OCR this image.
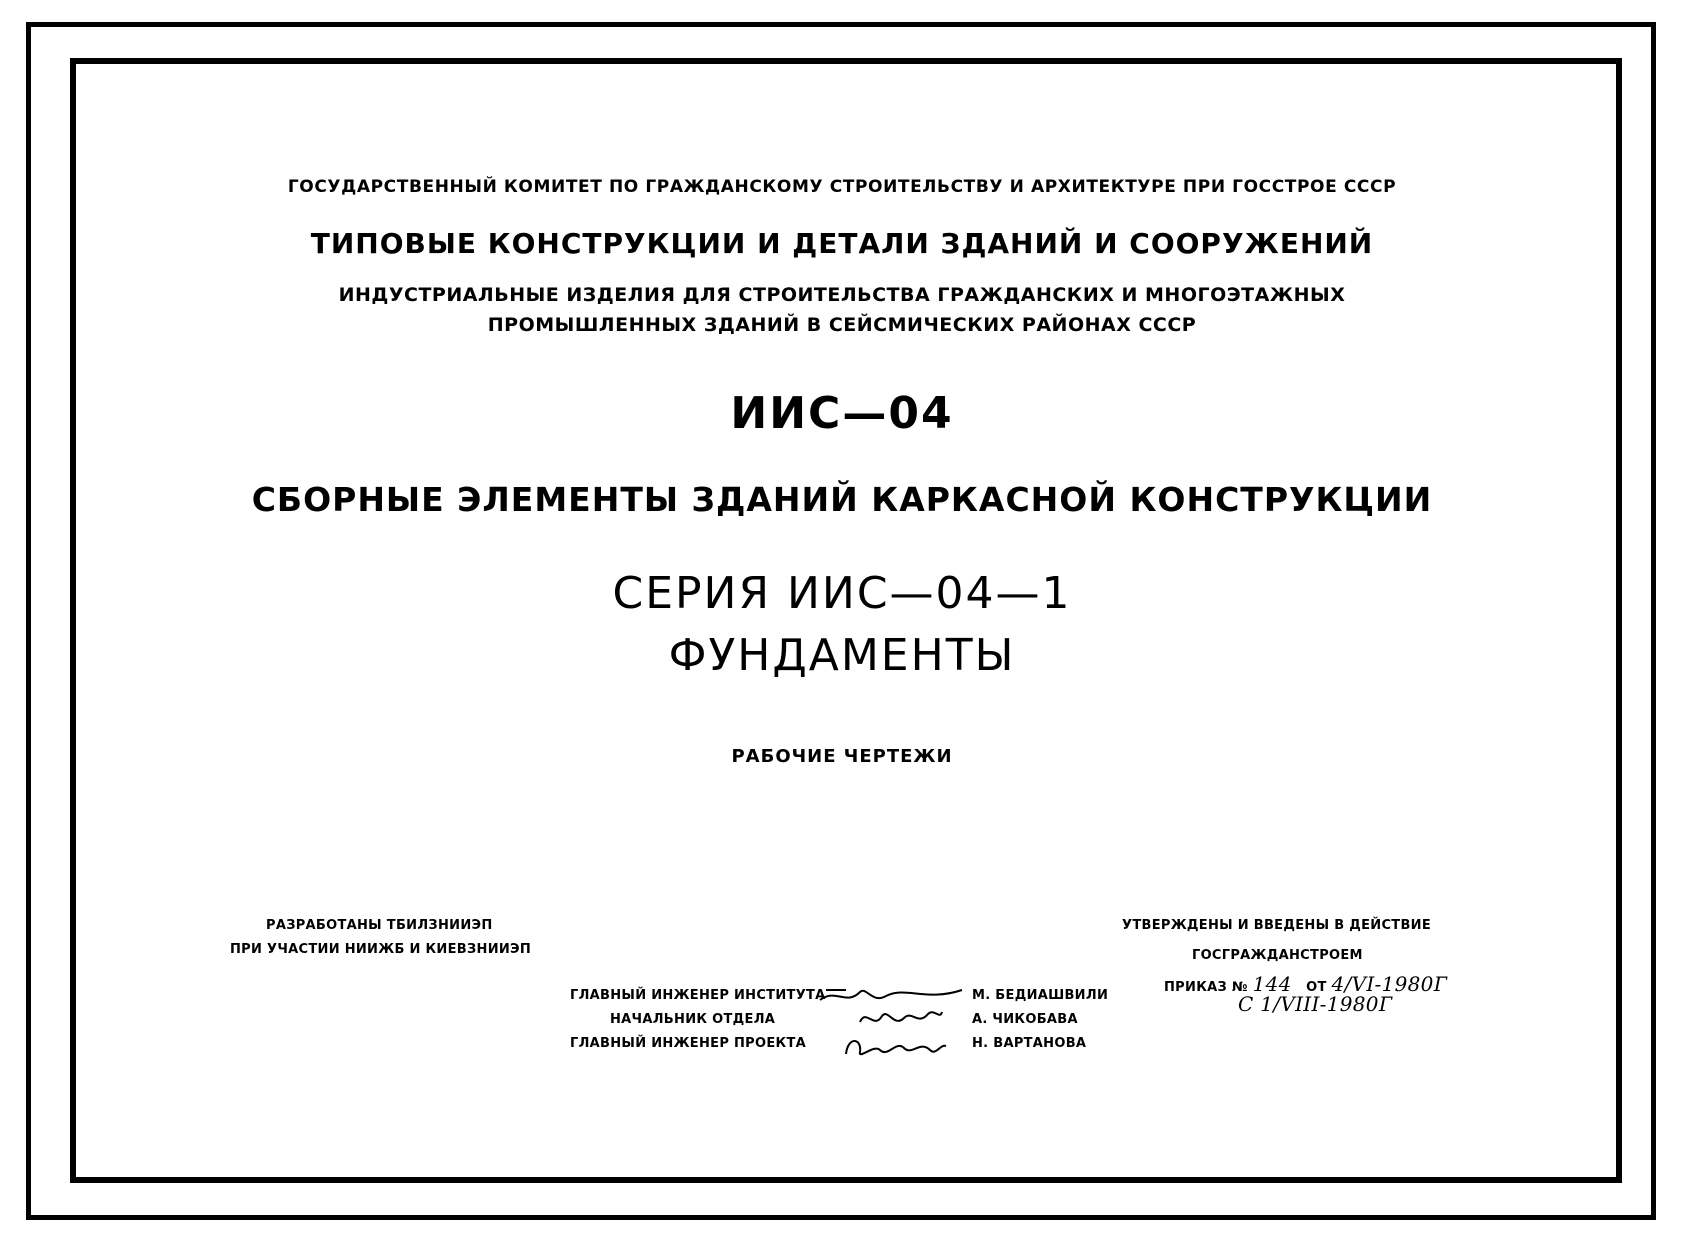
ГОСУДАРСТВЕННЫЙ КОМИТЕТ ПО ГРАЖДАНСКОМУ СТРОИТЕЛЬСТВУ И АРХИТЕКТУРЕ ПРИ ГОССТРОЕ СССР
ТИПОВЫЕ КОНСТРУКЦИИ И ДЕТАЛИ ЗДАНИЙ И СООРУЖЕНИЙ
ИНДУСТРИАЛЬНЫЕ ИЗДЕЛИЯ ДЛЯ СТРОИТЕЛЬСТВА ГРАЖДАНСКИХ И МНОГОЭТАЖНЫХ
ПРОМЫШЛЕННЫХ ЗДАНИЙ В СЕЙСМИЧЕСКИХ РАЙОНАХ СССР
ИИС—04
СБОРНЫЕ ЭЛЕМЕНТЫ ЗДАНИЙ КАРКАСНОЙ КОНСТРУКЦИИ
СЕРИЯ ИИС—04—1
ФУНДАМЕНТЫ
РАБОЧИЕ ЧЕРТЕЖИ
РАЗРАБОТАНЫ ТБИЛЗНИИЭП
ПРИ УЧАСТИИ НИИЖБ И КИЕВЗНИИЭП
ГЛАВНЫЙ ИНЖЕНЕР ИНСТИТУТА
НАЧАЛЬНИК ОТДЕЛА
ГЛАВНЫЙ ИНЖЕНЕР ПРОЕКТА
М. БЕДИАШВИЛИ
А. ЧИКОБАВА
Н. ВАРТАНОВА
УТВЕРЖДЕНЫ И ВВЕДЕНЫ В ДЕЙСТВИЕ
ГОСГРАЖДАНСТРОЕМ
ПРИКАЗ № 144 ОТ 4/VI-1980Г
С 1/VIII-1980Г
